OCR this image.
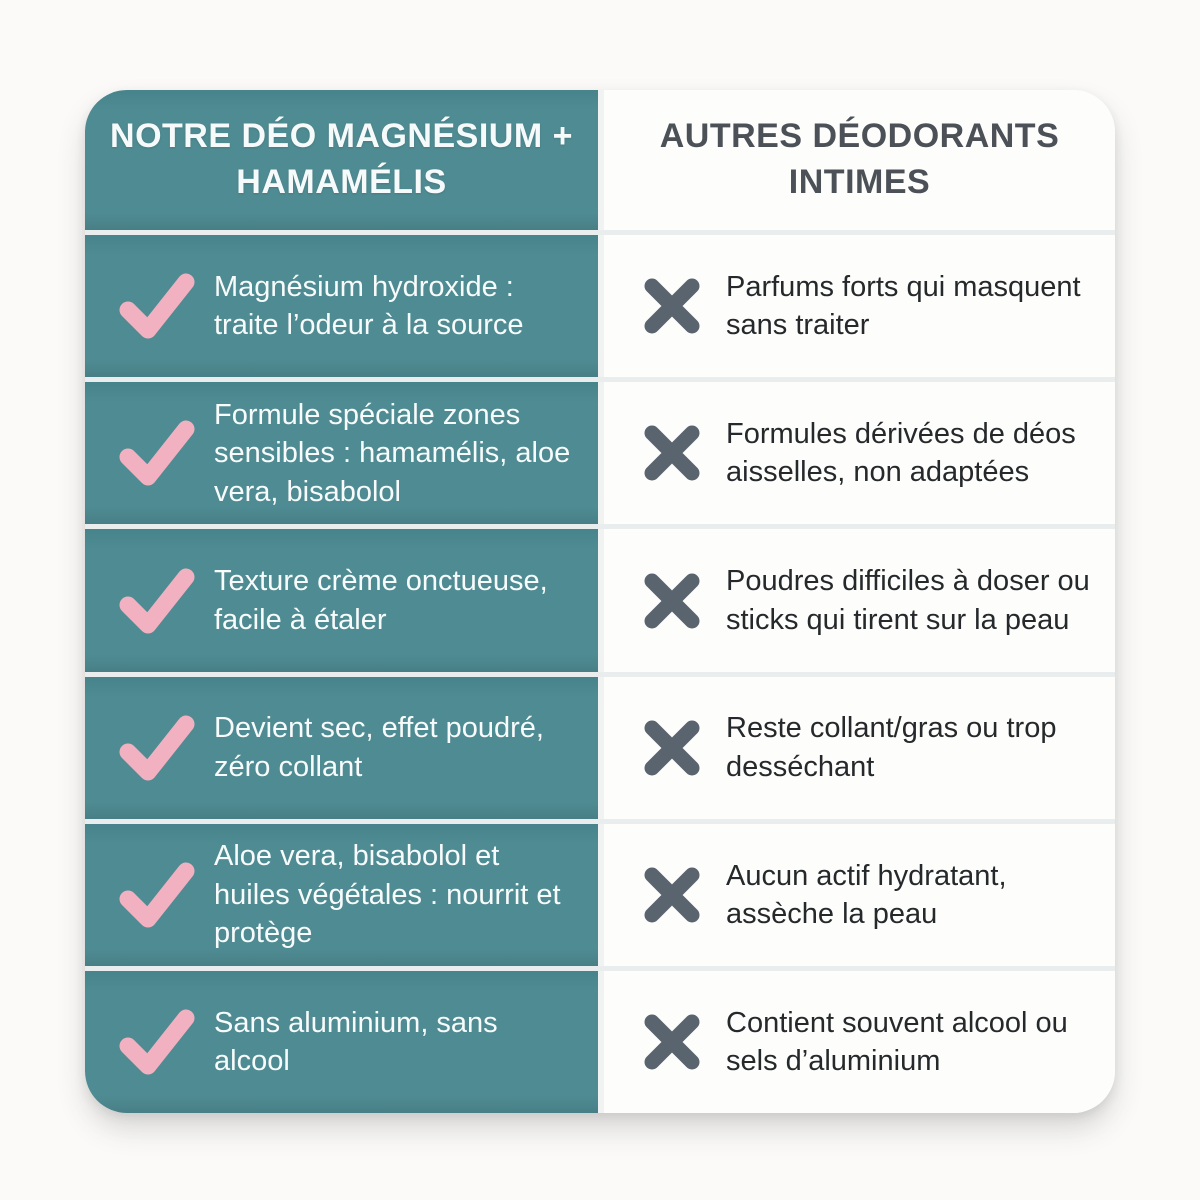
NOTRE DÉO MAGNÉSIUM + HAMAMÉLIS
AUTRES DÉODORANTS INTIMES

Magnésium hydroxide : traite l’odeur à la source

Parfums forts qui masquent sans traiter

Formule spéciale zones sensibles : hamamélis, aloe vera, bisabolol

Formules dérivées de déos aisselles, non adaptées

Texture crème onctueuse, facile à étaler

Poudres difficiles à doser ou sticks qui tirent sur la peau

Devient sec, effet poudré, zéro collant

Reste collant/gras ou trop desséchant

Aloe vera, bisabolol et huiles végétales : nourrit et protège

Aucun actif hydratant, assèche la peau

Sans aluminium, sans alcool

Contient souvent alcool ou sels d’aluminium
